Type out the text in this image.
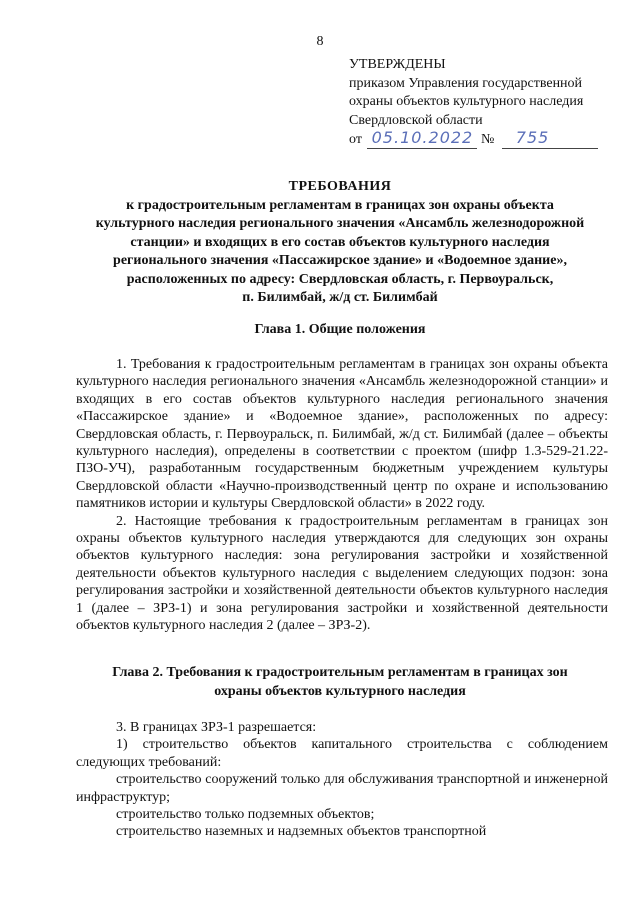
8
УТВЕРЖДЕНЫ
приказом Управления государственной
охраны объектов культурного наследия
Свердловской области
от 05.10.2022 № 755
ТРЕБОВАНИЯ
к градостроительным регламентам в границах зон охраны объекта
культурного наследия регионального значения «Ансамбль железнодорожной
станции» и входящих в его состав объектов культурного наследия
регионального значения «Пассажирское здание» и «Водоемное здание»,
расположенных по адресу: Свердловская область, г. Первоуральск,
п. Билимбай, ж/д ст. Билимбай
Глава 1. Общие положения

1. Требования к градостроительным регламентам в границах зон охраны объекта культурного наследия регионального значения «Ансамбль железнодорожной станции» и входящих в его состав объектов культурного наследия регионального значения «Пассажирское здание» и «Водоемное здание», расположенных по адресу: Свердловская область, г. Первоуральск, п. Билимбай, ж/д ст. Билимбай (далее – объекты культурного наследия), определены в соответствии с проектом (шифр 1.3-529-21.22-ПЗО-УЧ), разработанным государственным бюджетным учреждением культуры Свердловской области «Научно-производственный центр по охране и использованию памятников истории и культуры Свердловской области» в 2022 году.

2. Настоящие требования к градостроительным регламентам в границах зон охраны объектов культурного наследия утверждаются для следующих зон охраны объектов культурного наследия: зона регулирования застройки и хозяйственной деятельности объектов культурного наследия с выделением следующих подзон: зона регулирования застройки и хозяйственной деятельности объектов культурного наследия 1 (далее – ЗРЗ-1) и зона регулирования застройки и хозяйственной деятельности объектов культурного наследия 2 (далее – ЗРЗ-2).

Глава 2. Требования к градостроительным регламентам в границах зон
охраны объектов культурного наследия

3. В границах ЗРЗ-1 разрешается:

1) строительство объектов капитального строительства с соблюдением следующих требований:

строительство сооружений только для обслуживания транспортной и инженерной инфраструктур;

строительство только подземных объектов;

строительство наземных и надземных объектов транспортной
